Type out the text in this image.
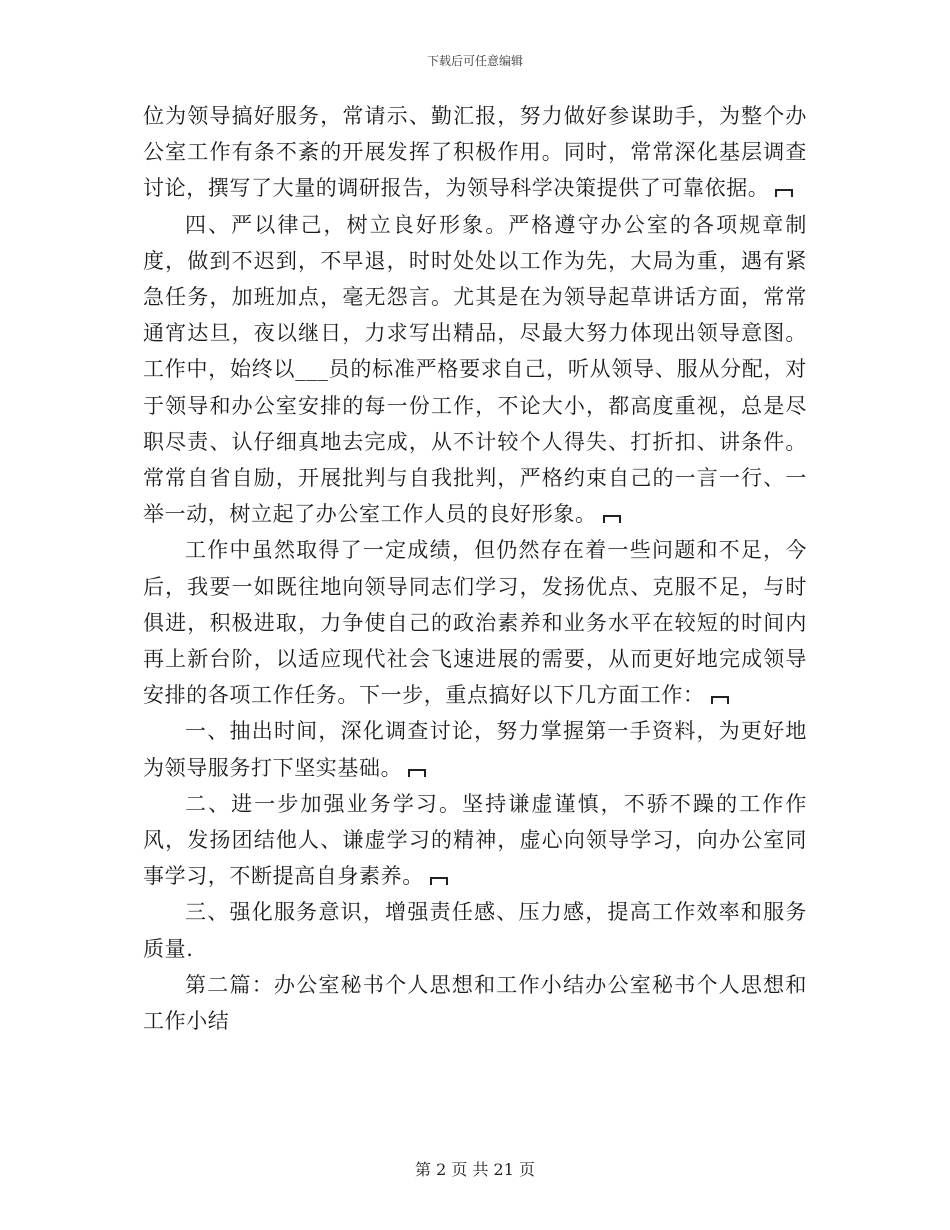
下载后可任意编辑

位为领导搞好服务，常请示、勤汇报，努力做好参谋助手，为整个办公室工作有条不紊的开展发挥了积极作用。同时，常常深化基层调查讨论，撰写了大量的调研报告，为领导科学决策提供了可靠依据。

四、严以律己，树立良好形象。严格遵守办公室的各项规章制度，做到不迟到，不早退，时时处处以工作为先，大局为重，遇有紧急任务，加班加点，毫无怨言。尤其是在为领导起草讲话方面，常常通宵达旦，夜以继日，力求写出精品，尽最大努力体现出领导意图。工作中，始终以___员的标准严格要求自己，听从领导、服从分配，对于领导和办公室安排的每一份工作，不论大小，都高度重视，总是尽职尽责、认仔细真地去完成，从不计较个人得失、打折扣、讲条件。常常自省自励，开展批判与自我批判，严格约束自己的一言一行、一举一动，树立起了办公室工作人员的良好形象。

工作中虽然取得了一定成绩，但仍然存在着一些问题和不足，今后，我要一如既往地向领导同志们学习，发扬优点、克服不足，与时俱进，积极进取，力争使自己的政治素养和业务水平在较短的时间内再上新台阶，以适应现代社会飞速进展的需要，从而更好地完成领导安排的各项工作任务。下一步，重点搞好以下几方面工作：

一、抽出时间，深化调查讨论，努力掌握第一手资料，为更好地为领导服务打下坚实基础。

二、进一步加强业务学习。坚持谦虚谨慎，不骄不躁的工作作风，发扬团结他人、谦虚学习的精神，虚心向领导学习，向办公室同事学习，不断提高自身素养。

三、强化服务意识，增强责任感、压力感，提高工作效率和服务质量.

第二篇：办公室秘书个人思想和工作小结办公室秘书个人思想和工作小结

第 2 页 共 21 页
